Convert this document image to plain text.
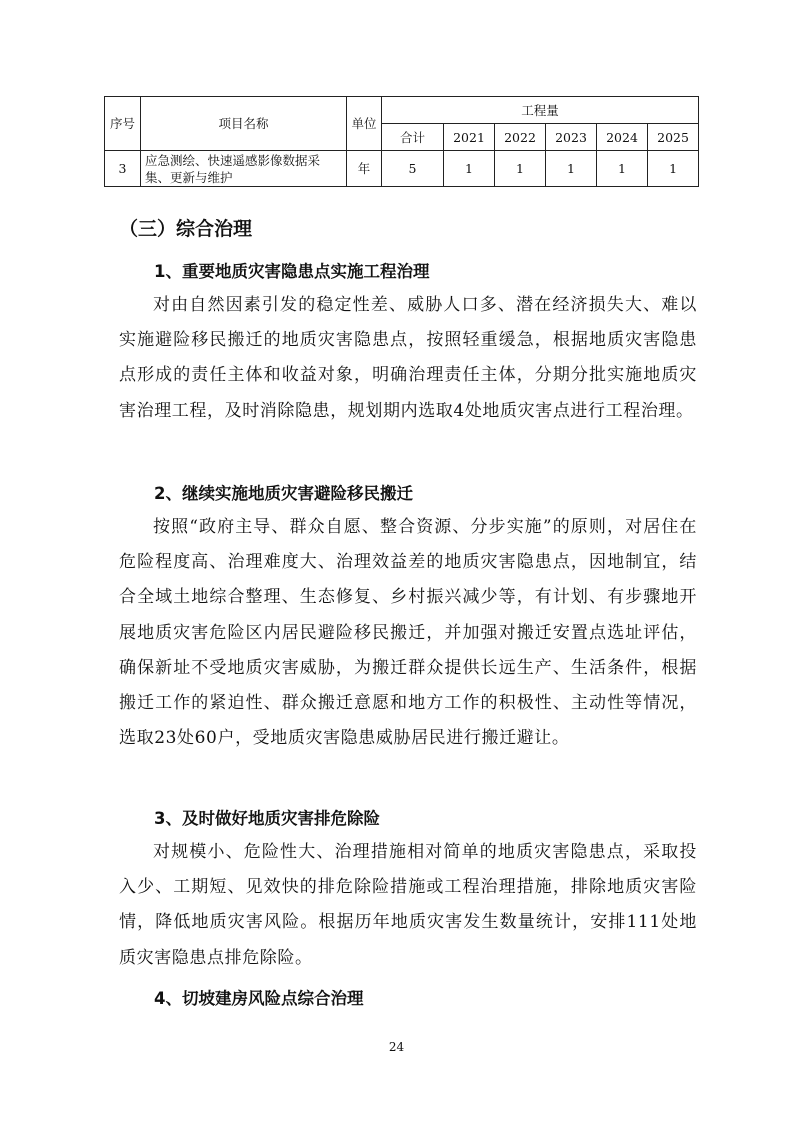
序号	项目名称	单位	工程量					
			合计	2021	2022	2023	2024	2025
3	应急测绘、快速遥感影像数据采集、更新与维护	年	5	1	1	1	1	1
（三）综合治理
1、重要地质灾害隐患点实施工程治理
对由自然因素引发的稳定性差、威胁人口多、潜在经济损失大、难以实施避险移民搬迁的地质灾害隐患点，按照轻重缓急，根据地质灾害隐患点形成的责任主体和收益对象，明确治理责任主体，分期分批实施地质灾害治理工程，及时消除隐患，规划期内选取4处地质灾害点进行工程治理。
2、继续实施地质灾害避险移民搬迁
按照“政府主导、群众自愿、整合资源、分步实施”的原则，对居住在危险程度高、治理难度大、治理效益差的地质灾害隐患点，因地制宜，结合全域土地综合整理、生态修复、乡村振兴减少等，有计划、有步骤地开展地质灾害危险区内居民避险移民搬迁，并加强对搬迁安置点选址评估，确保新址不受地质灾害威胁，为搬迁群众提供长远生产、生活条件，根据搬迁工作的紧迫性、群众搬迁意愿和地方工作的积极性、主动性等情况，选取23处60户，受地质灾害隐患威胁居民进行搬迁避让。
3、及时做好地质灾害排危除险
对规模小、危险性大、治理措施相对简单的地质灾害隐患点，采取投入少、工期短、见效快的排危除险措施或工程治理措施，排除地质灾害险情，降低地质灾害风险。根据历年地质灾害发生数量统计，安排111处地质灾害隐患点排危除险。
4、切坡建房风险点综合治理
24
